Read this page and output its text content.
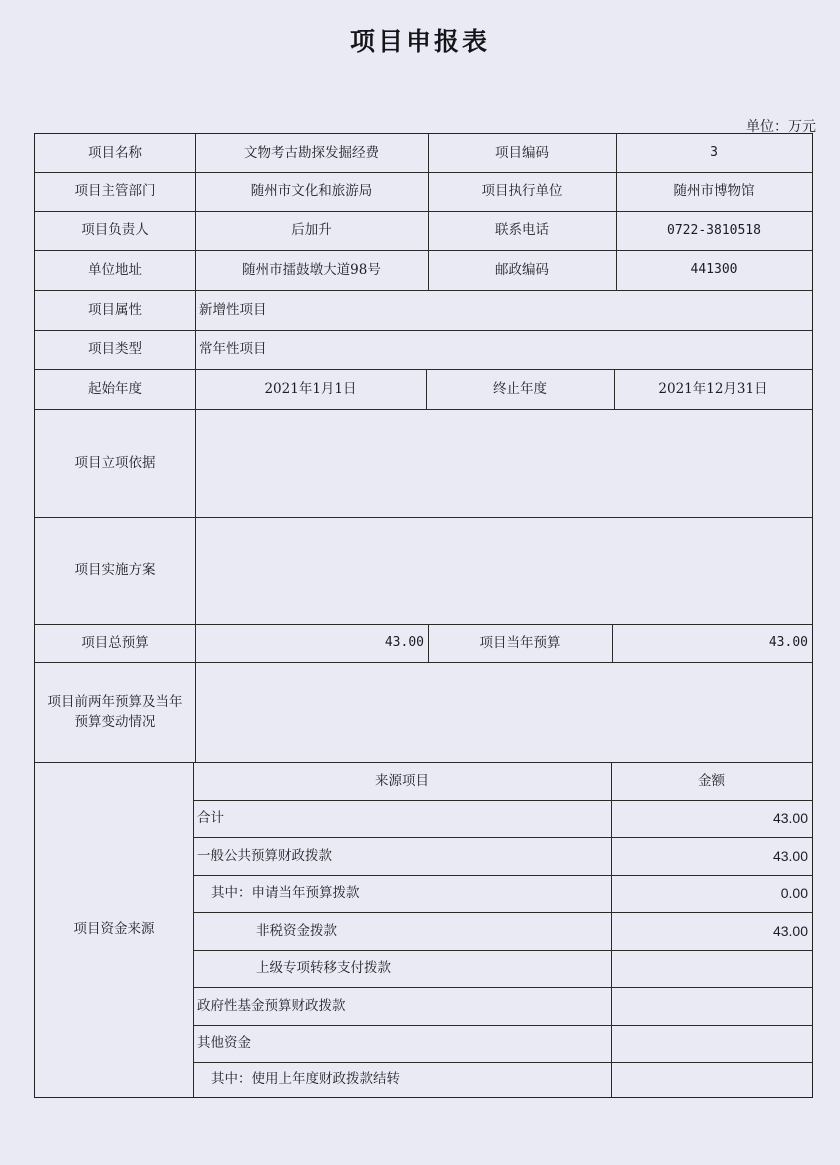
项目申报表
单位：万元
项目名称	文物考古勘探发掘经费	项目编码	3
项目主管部门	随州市文化和旅游局	项目执行单位	随州市博物馆
项目负责人	后加升	联系电话	0722-3810518
单位地址	随州市擂鼓墩大道98号	邮政编码	441300
项目属性	新增性项目
项目类型	常年性项目
起始年度	2021年1月1日	终止年度	2021年12月31日
项目立项依据
项目实施方案
项目总预算	43.00	项目当年预算	43.00
项目前两年预算及当年
预算变动情况
项目资金来源
来源项目	金额
合计	43.00
一般公共预算财政拨款	43.00
其中：申请当年预算拨款	0.00
非税资金拨款	43.00
上级专项转移支付拨款
政府性基金预算财政拨款
其他资金
其中：使用上年度财政拨款结转
